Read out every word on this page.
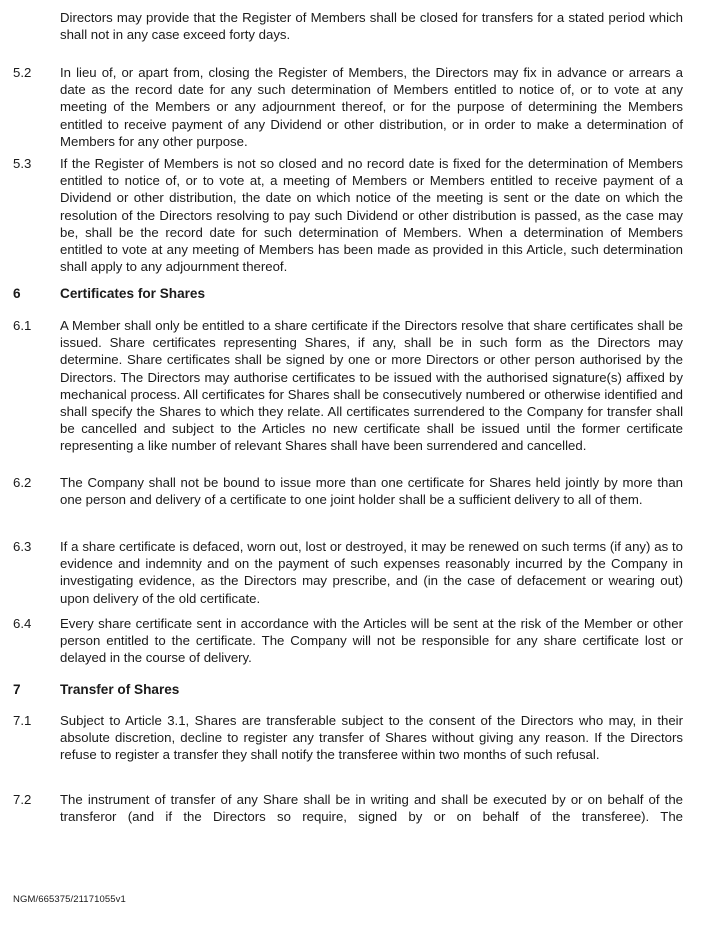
Directors may provide that the Register of Members shall be closed for transfers for a stated period which shall not in any case exceed forty days.
5.2 In lieu of, or apart from, closing the Register of Members, the Directors may fix in advance or arrears a date as the record date for any such determination of Members entitled to notice of, or to vote at any meeting of the Members or any adjournment thereof, or for the purpose of determining the Members entitled to receive payment of any Dividend or other distribution, or in order to make a determination of Members for any other purpose.
5.3 If the Register of Members is not so closed and no record date is fixed for the determination of Members entitled to notice of, or to vote at, a meeting of Members or Members entitled to receive payment of a Dividend or other distribution, the date on which notice of the meeting is sent or the date on which the resolution of the Directors resolving to pay such Dividend or other distribution is passed, as the case may be, shall be the record date for such determination of Members. When a determination of Members entitled to vote at any meeting of Members has been made as provided in this Article, such determination shall apply to any adjournment thereof.
6	Certificates for Shares
6.1 A Member shall only be entitled to a share certificate if the Directors resolve that share certificates shall be issued. Share certificates representing Shares, if any, shall be in such form as the Directors may determine. Share certificates shall be signed by one or more Directors or other person authorised by the Directors. The Directors may authorise certificates to be issued with the authorised signature(s) affixed by mechanical process. All certificates for Shares shall be consecutively numbered or otherwise identified and shall specify the Shares to which they relate. All certificates surrendered to the Company for transfer shall be cancelled and subject to the Articles no new certificate shall be issued until the former certificate representing a like number of relevant Shares shall have been surrendered and cancelled.
6.2 The Company shall not be bound to issue more than one certificate for Shares held jointly by more than one person and delivery of a certificate to one joint holder shall be a sufficient delivery to all of them.
6.3 If a share certificate is defaced, worn out, lost or destroyed, it may be renewed on such terms (if any) as to evidence and indemnity and on the payment of such expenses reasonably incurred by the Company in investigating evidence, as the Directors may prescribe, and (in the case of defacement or wearing out) upon delivery of the old certificate.
6.4 Every share certificate sent in accordance with the Articles will be sent at the risk of the Member or other person entitled to the certificate. The Company will not be responsible for any share certificate lost or delayed in the course of delivery.
7	Transfer of Shares
7.1 Subject to Article 3.1, Shares are transferable subject to the consent of the Directors who may, in their absolute discretion, decline to register any transfer of Shares without giving any reason. If the Directors refuse to register a transfer they shall notify the transferee within two months of such refusal.
7.2 The instrument of transfer of any Share shall be in writing and shall be executed by or on behalf of the transferor (and if the Directors so require, signed by or on behalf of the transferee). The
NGM/665375/21171055v1
